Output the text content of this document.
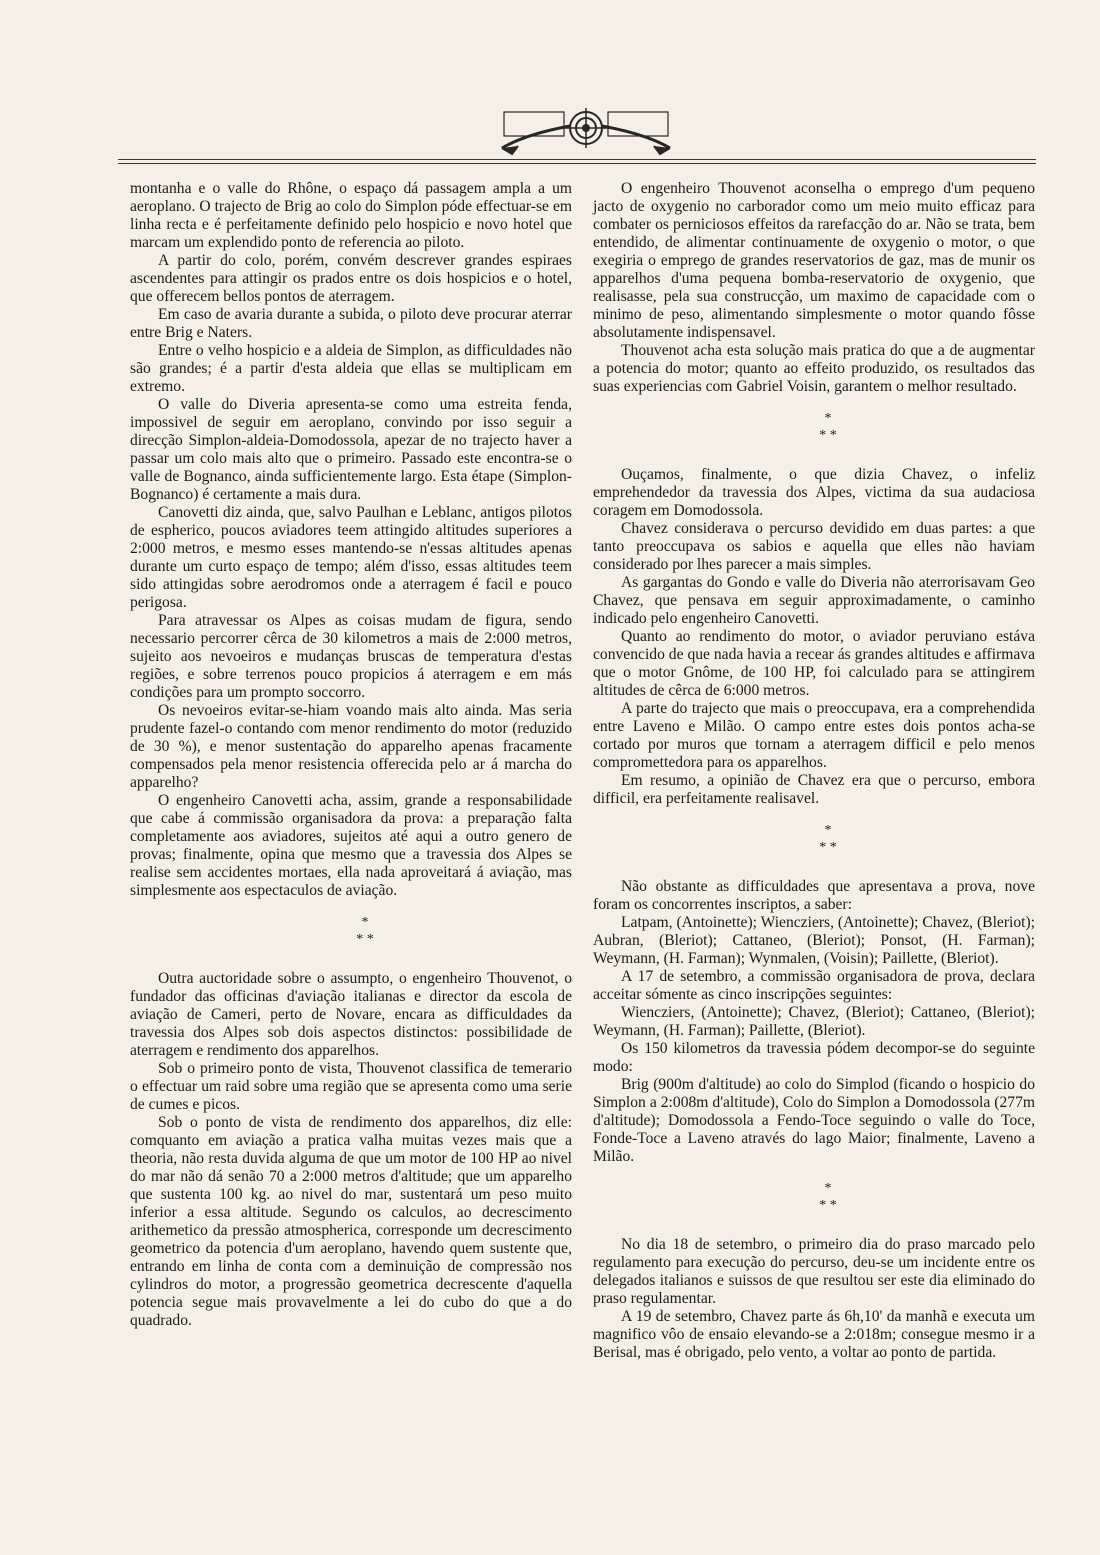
montanha e o valle do Rhône, o espaço dá passagem ampla a um aeroplano. O trajecto de Brig ao colo do Simplon póde effectuar-se em linha recta e é perfeitamente definido pelo hospicio e novo hotel que marcam um explendido ponto de referencia ao piloto.

A partir do colo, porém, convém descrever grandes espiraes ascendentes para attingir os prados entre os dois hospicios e o hotel, que offerecem bellos pontos de aterragem.

Em caso de avaria durante a subida, o piloto deve procurar aterrar entre Brig e Naters.

Entre o velho hospicio e a aldeia de Simplon, as difficuldades não são grandes; é a partir d'esta aldeia que ellas se multiplicam em extremo.

O valle do Diveria apresenta-se como uma estreita fenda, impossivel de seguir em aeroplano, convindo por isso seguir a direcção Simplon-aldeia-Domodossola, apezar de no trajecto haver a passar um colo mais alto que o primeiro. Passado este encontra-se o valle de Bognanco, ainda sufficientemente largo. Esta étape (Simplon-Bognanco) é certamente a mais dura.

Canovetti diz ainda, que, salvo Paulhan e Leblanc, antigos pilotos de espherico, poucos aviadores teem attingido altitudes superiores a 2:000 metros, e mesmo esses mantendo-se n'essas altitudes apenas durante um curto espaço de tempo; além d'isso, essas altitudes teem sido attingidas sobre aerodromos onde a aterragem é facil e pouco perigosa.

Para atravessar os Alpes as coisas mudam de figura, sendo necessario percorrer cêrca de 30 kilometros a mais de 2:000 metros, sujeito aos nevoeiros e mudanças bruscas de temperatura d'estas regiões, e sobre terrenos pouco propicios á aterragem e em más condições para um prompto soccorro.

Os nevoeiros evitar-se-hiam voando mais alto ainda. Mas seria prudente fazel-o contando com menor rendimento do motor (reduzido de 30 %), e menor sustentação do apparelho apenas fracamente compensados pela menor resistencia offerecida pelo ar á marcha do apparelho?

O engenheiro Canovetti acha, assim, grande a responsabilidade que cabe á commissão organisadora da prova: a preparação falta completamente aos aviadores, sujeitos até aqui a outro genero de provas; finalmente, opina que mesmo que a travessia dos Alpes se realise sem accidentes mortaes, ella nada aproveitará á aviação, mas simplesmente aos espectaculos de aviação.

*

* *

Outra auctoridade sobre o assumpto, o engenheiro Thouvenot, o fundador das officinas d'aviação italianas e director da escola de aviação de Cameri, perto de Novare, encara as difficuldades da travessia dos Alpes sob dois aspectos distinctos: possibilidade de aterragem e rendimento dos apparelhos.

Sob o primeiro ponto de vista, Thouvenot classifica de temerario o effectuar um raid sobre uma região que se apresenta como uma serie de cumes e picos.

Sob o ponto de vista de rendimento dos apparelhos, diz elle: comquanto em aviação a pratica valha muitas vezes mais que a theoria, não resta duvida alguma de que um motor de 100 HP ao nivel do mar não dá senão 70 a 2:000 metros d'altitude; que um apparelho que sustenta 100 kg. ao nivel do mar, sustentará um peso muito inferior a essa altitude. Segundo os calculos, ao decrescimento arithemetico da pressão atmospherica, corresponde um decrescimento geometrico da potencia d'um aeroplano, havendo quem sustente que, entrando em linha de conta com a deminuição de compressão nos cylindros do motor, a progressão geometrica decrescente d'aquella potencia segue mais provavelmente a lei do cubo do que a do quadrado.

O engenheiro Thouvenot aconselha o emprego d'um pequeno jacto de oxygenio no carborador como um meio muito efficaz para combater os perniciosos effeitos da rarefacção do ar. Não se trata, bem entendido, de alimentar continuamente de oxygenio o motor, o que exegiria o emprego de grandes reservatorios de gaz, mas de munir os apparelhos d'uma pequena bomba-reservatorio de oxygenio, que realisasse, pela sua construcção, um maximo de capacidade com o minimo de peso, alimentando simplesmente o motor quando fôsse absolutamente indispensavel.

Thouvenot acha esta solução mais pratica do que a de augmentar a potencia do motor; quanto ao effeito produzido, os resultados das suas experiencias com Gabriel Voisin, garantem o melhor resultado.

*

* *

Ouçamos, finalmente, o que dizia Chavez, o infeliz emprehendedor da travessia dos Alpes, victima da sua audaciosa coragem em Domodossola.

Chavez considerava o percurso devidido em duas partes: a que tanto preoccupava os sabios e aquella que elles não haviam considerado por lhes parecer a mais simples.

As gargantas do Gondo e valle do Diveria não aterrorisavam Geo Chavez, que pensava em seguir approximadamente, o caminho indicado pelo engenheiro Canovetti.

Quanto ao rendimento do motor, o aviador peruviano estáva convencido de que nada havia a recear ás grandes altitudes e affirmava que o motor Gnôme, de 100 HP, foi calculado para se attingirem altitudes de cêrca de 6:000 metros.

A parte do trajecto que mais o preoccupava, era a comprehendida entre Laveno e Milão. O campo entre estes dois pontos acha-se cortado por muros que tornam a aterragem difficil e pelo menos compromettedora para os apparelhos.

Em resumo, a opinião de Chavez era que o percurso, embora difficil, era perfeitamente realisavel.

*

* *

Não obstante as difficuldades que apresentava a prova, nove foram os concorrentes inscriptos, a saber:

Latpam, (Antoinette); Wiencziers, (Antoinette); Chavez, (Bleriot); Aubran, (Bleriot); Cattaneo, (Bleriot); Ponsot, (H. Farman); Weymann, (H. Farman); Wynmalen, (Voisin); Paillette, (Bleriot).

A 17 de setembro, a commissão organisadora de prova, declara acceitar sómente as cinco inscripções seguintes:

Wiencziers, (Antoinette); Chavez, (Bleriot); Cattaneo, (Bleriot); Weymann, (H. Farman); Paillette, (Bleriot).

Os 150 kilometros da travessia pódem decompor-se do seguinte modo:

Brig (900m d'altitude) ao colo do Simplod (ficando o hospicio do Simplon a 2:008m d'altitude), Colo do Simplon a Domodossola (277m d'altitude); Domodossola a Fendo-Toce seguindo o valle do Toce, Fonde-Toce a Laveno através do lago Maior; finalmente, Laveno a Milão.

*

* *

No dia 18 de setembro, o primeiro dia do praso marcado pelo regulamento para execução do percurso, deu-se um incidente entre os delegados italianos e suissos de que resultou ser este dia eliminado do praso regulamentar.

A 19 de setembro, Chavez parte ás 6h,10' da manhã e executa um magnifico vôo de ensaio elevando-se a 2:018m; consegue mesmo ir a Berisal, mas é obrigado, pelo vento, a voltar ao ponto de partida.
